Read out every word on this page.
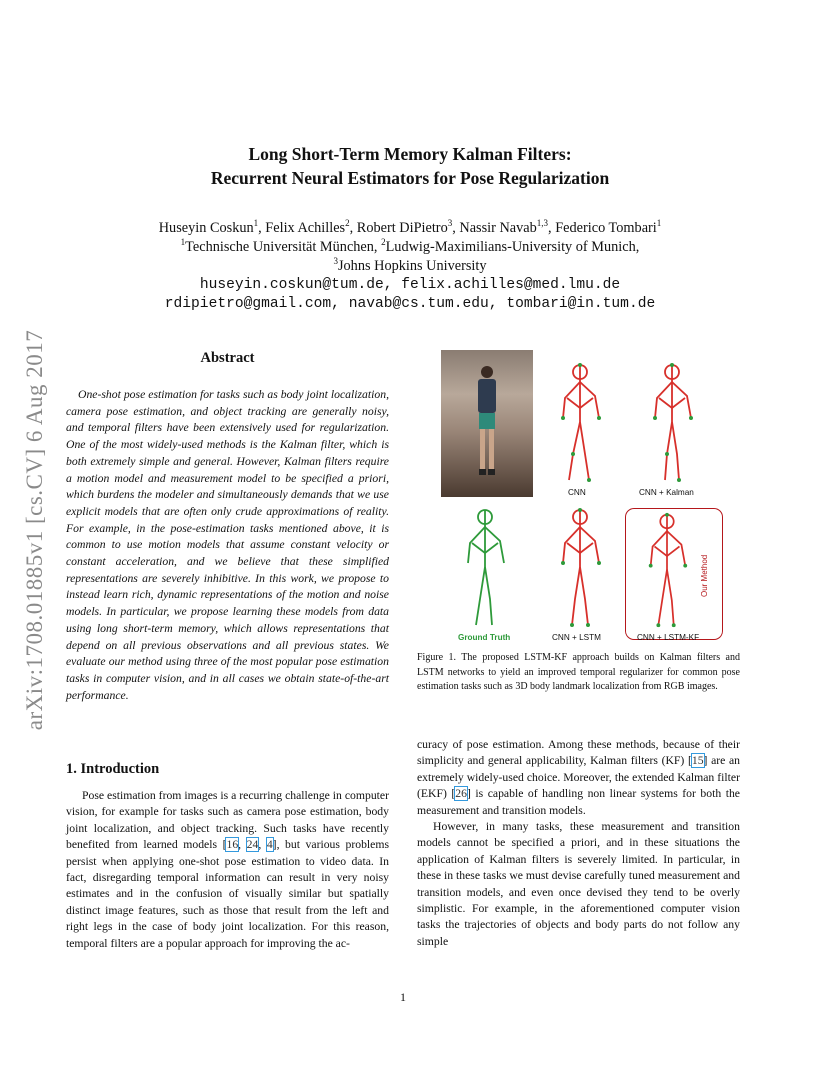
arXiv:1708.01885v1 [cs.CV] 6 Aug 2017
Long Short-Term Memory Kalman Filters:
Recurrent Neural Estimators for Pose Regularization
Huseyin Coskun$^1$, Felix Achilles$^2$, Robert DiPietro$^3$, Nassir Navab$^{1,3}$, Federico Tombari$^1$
$^1$Technische Universität München, $^2$Ludwig-Maximilians-University of Munich,
$^3$Johns Hopkins University
huseyin.coskun@tum.de, felix.achilles@med.lmu.de
rdipietro@gmail.com, navab@cs.tum.edu, tombari@in.tum.de
Abstract
One-shot pose estimation for tasks such as body joint localization, camera pose estimation, and object tracking are generally noisy, and temporal filters have been extensively used for regularization. One of the most widely-used methods is the Kalman filter, which is both extremely simple and general. However, Kalman filters require a motion model and measurement model to be specified a priori, which burdens the modeler and simultaneously demands that we use explicit models that are often only crude approximations of reality. For example, in the pose-estimation tasks mentioned above, it is common to use motion models that assume constant velocity or constant acceleration, and we believe that these simplified representations are severely inhibitive. In this work, we propose to instead learn rich, dynamic representations of the motion and noise models. In particular, we propose learning these models from data using long short-term memory, which allows representations that depend on all previous observations and all previous states. We evaluate our method using three of the most popular pose estimation tasks in computer vision, and in all cases we obtain state-of-the-art performance.
1. Introduction
Pose estimation from images is a recurring challenge in computer vision, for example for tasks such as camera pose estimation, body joint localization, and object tracking. Such tasks have recently benefited from learned models [16, 24, 4], but various problems persist when applying one-shot pose estimation to video data. In fact, disregarding temporal information can result in very noisy estimates and in the confusion of visually similar but spatially distinct image features, such as those that result from the left and right legs in the case of body joint localization. For this reason, temporal filters are a popular approach for improving the ac-

curacy of pose estimation. Among these methods, because of their simplicity and general applicability, Kalman filters (KF) [15] are an extremely widely-used choice. Moreover, the extended Kalman filter (EKF) [26] is capable of handling non linear systems for both the measurement and transition models.

However, in many tasks, these measurement and transition models cannot be specified a priori, and in these situations the application of Kalman filters is severely limited. In particular, in these in these tasks we must devise carefully tuned measurement and transition models, and even once devised they tend to be overly simplistic. For example, in the aforementioned computer vision tasks the trajectories of objects and body parts do not follow any simple

CNN	CNN + Kalman
Ground Truth	CNN + LSTM
Our Method
CNN + LSTM-KF
Figure 1. The proposed LSTM-KF approach builds on Kalman filters and LSTM networks to yield an improved temporal regularizer for common pose estimation tasks such as 3D body landmark localization from RGB images.
1
